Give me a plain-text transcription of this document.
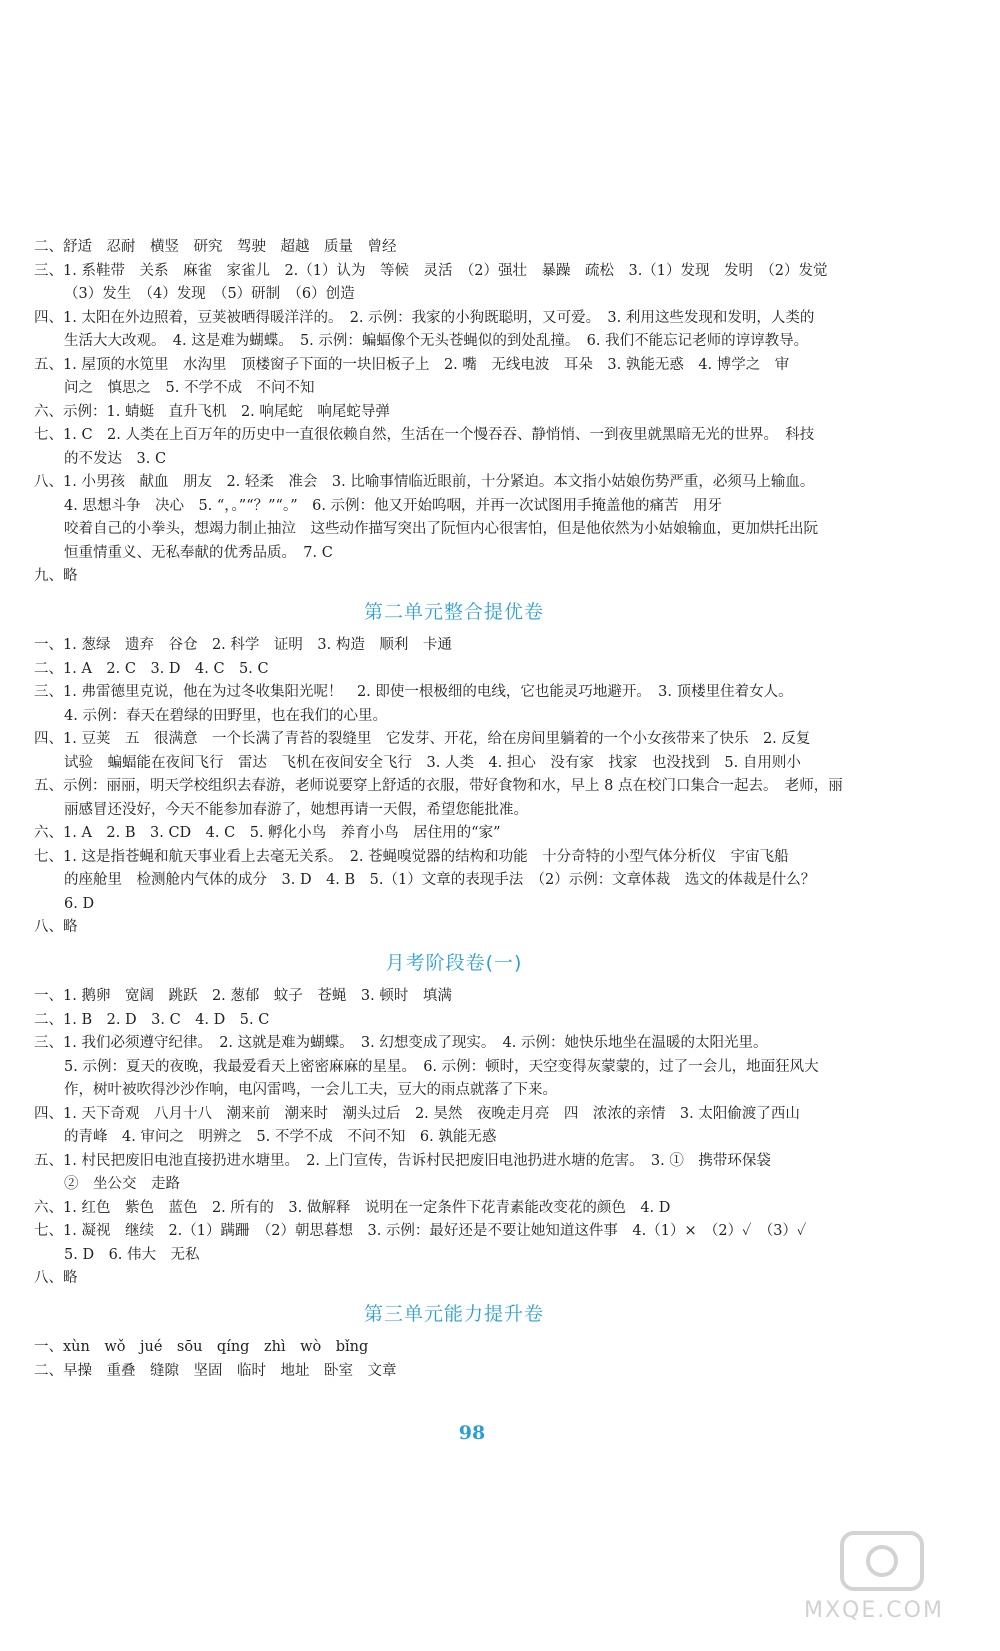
二、舒适　忍耐　横竖　研究　驾驶　超越　质量　曾经
三、1. 系鞋带　关系　麻雀　家雀儿　2.（1）认为　等候　灵活　（2）强壮　暴躁　疏松　3.（1）发现　发明　（2）发觉
（3）发生　（4）发现　（5）研制　（6）创造
四、1. 太阳在外边照着，豆荚被晒得暖洋洋的。　2. 示例：我家的小狗既聪明，又可爱。　3. 利用这些发现和发明，人类的
生活大大改观。　4. 这是难为蝴蝶。　5. 示例：蝙蝠像个无头苍蝇似的到处乱撞。　6. 我们不能忘记老师的谆谆教导。
五、1. 屋顶的水笕里　水沟里　顶楼窗子下面的一块旧板子上　2. 嘴　无线电波　耳朵　3. 孰能无惑　4. 博学之　审
问之　慎思之　5. 不学不成　不问不知
六、示例：1. 蜻蜓　直升飞机　2. 响尾蛇　响尾蛇导弹
七、1. C　2. 人类在上百万年的历史中一直很依赖自然，生活在一个慢吞吞、静悄悄、一到夜里就黑暗无光的世界。　科技
的不发达　3. C
八、1. 小男孩　献血　朋友　2. 轻柔　准会　3. 比喻事情临近眼前，十分紧迫。本文指小姑娘伤势严重，必须马上输血。
4. 思想斗争　决心　5. “，。”“？”“。”　6. 示例：他又开始呜咽，并再一次试图用手掩盖他的痛苦　用牙
咬着自己的小拳头，想竭力制止抽泣　这些动作描写突出了阮恒内心很害怕，但是他依然为小姑娘输血，更加烘托出阮
恒重情重义、无私奉献的优秀品质。　7. C
九、略
第二单元整合提优卷
一、1. 葱绿　遗弃　谷仓　2. 科学　证明　3. 构造　顺利　卡通
二、1. A　2. C　3. D　4. C　5. C
三、1. 弗雷德里克说，他在为过冬收集阳光呢！　2. 即使一根极细的电线，它也能灵巧地避开。　3. 顶楼里住着女人。
4. 示例：春天在碧绿的田野里，也在我们的心里。
四、1. 豆荚　五　很满意　一个长满了青苔的裂缝里　它发芽、开花，给在房间里躺着的一个小女孩带来了快乐　2. 反复
试验　蝙蝠能在夜间飞行　雷达　飞机在夜间安全飞行　3. 人类　4. 担心　没有家　找家　也没找到　5. 自用则小
五、示例：丽丽，明天学校组织去春游，老师说要穿上舒适的衣服，带好食物和水，早上 8 点在校门口集合一起去。　老师，丽
丽感冒还没好，今天不能参加春游了，她想再请一天假，希望您能批准。
六、1. A　2. B　3. CD　4. C　5. 孵化小鸟　养育小鸟　居住用的“家”
七、1. 这是指苍蝇和航天事业看上去毫无关系。　2. 苍蝇嗅觉器的结构和功能　十分奇特的小型气体分析仪　宇宙飞船
的座舱里　检测舱内气体的成分　3. D　4. B　5.（1）文章的表现手法　（2）示例：文章体裁　选文的体裁是什么？
6. D
八、略
月考阶段卷(一)
一、1. 鹅卵　宽阔　跳跃　2. 葱郁　蚊子　苍蝇　3. 顿时　填满
二、1. B　2. D　3. C　4. D　5. C
三、1. 我们必须遵守纪律。　2. 这就是难为蝴蝶。　3. 幻想变成了现实。　4. 示例：她快乐地坐在温暖的太阳光里。
5. 示例：夏天的夜晚，我最爱看天上密密麻麻的星星。　6. 示例：顿时，天空变得灰蒙蒙的，过了一会儿，地面狂风大
作，树叶被吹得沙沙作响，电闪雷鸣，一会儿工夫，豆大的雨点就落了下来。
四、1. 天下奇观　八月十八　潮来前　潮来时　潮头过后　2. 昊然　夜晚走月亮　四　浓浓的亲情　3. 太阳偷渡了西山
的青峰　4. 审问之　明辨之　5. 不学不成　不问不知　6. 孰能无惑
五、1. 村民把废旧电池直接扔进水塘里。　2. 上门宣传，告诉村民把废旧电池扔进水塘的危害。　3. ①　携带环保袋
②　坐公交　走路
六、1. 红色　紫色　蓝色　2. 所有的　3. 做解释　说明在一定条件下花青素能改变花的颜色　4. D
七、1. 凝视　继续　2.（1）蹒跚　（2）朝思暮想　3. 示例：最好还是不要让她知道这件事　4.（1）×　（2）✓　（3）✓
5. D　6. 伟大　无私
八、略
第三单元能力提升卷
一、xùn　wǒ　jué　sōu　qíng　zhì　wò　bǐng
二、早操　重叠　缝隙　坚固　临时　地址　卧室　文章
98
MXQE.COM
